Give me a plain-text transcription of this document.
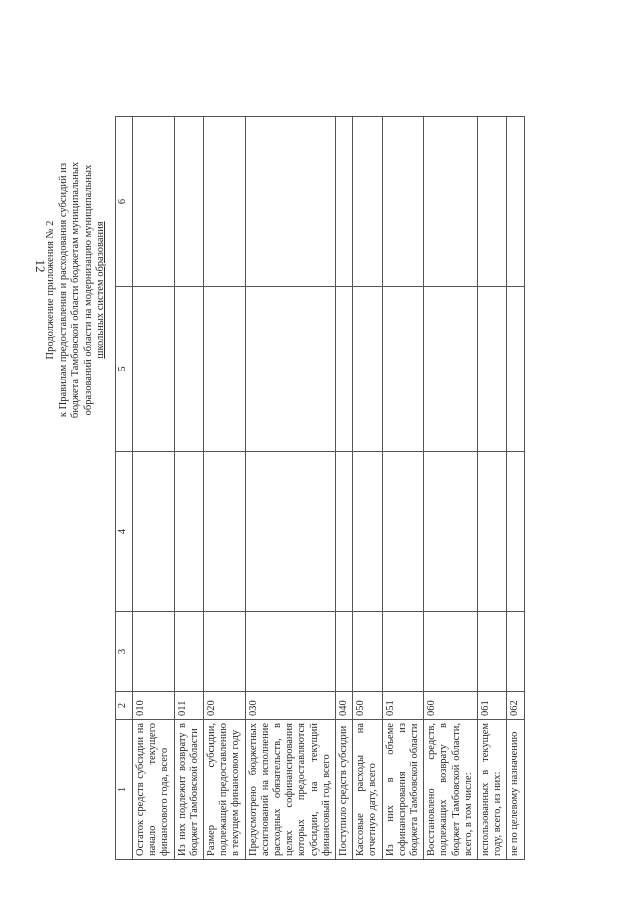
12
Продолжение приложения № 2 к Правилам предоставления и расходования субсидий из бюджета Тамбовской области бюджетам муниципальных образований области на модернизацию муниципальных школьных систем образования
1	2	3	4	5	6
Остаток средств субсидии на начало текущего финансового года, всего	010				
Из них подлежит возврату в бюджет Тамбовской области	011				
Размер субсидии, подлежащей предоставлению в текущем финансовом году	020				
Предусмотрено бюджетных ассигнований на исполнение расходных обязательств, в целях софинансирования которых предоставляются субсидии, на текущий финансовый год, всего	030				
Поступило средств субсидии	040				
Кассовые расходы на отчетную дату, всего	050				
Из них в объеме софинансирования из бюджета Тамбовской области	051				
Восстановлено средств, подлежащих возврату в бюджет Тамбовской области, всего, в том числе:	060				
использованных в текущем году, всего, из них:	061				
не по целевому назначению	062				
